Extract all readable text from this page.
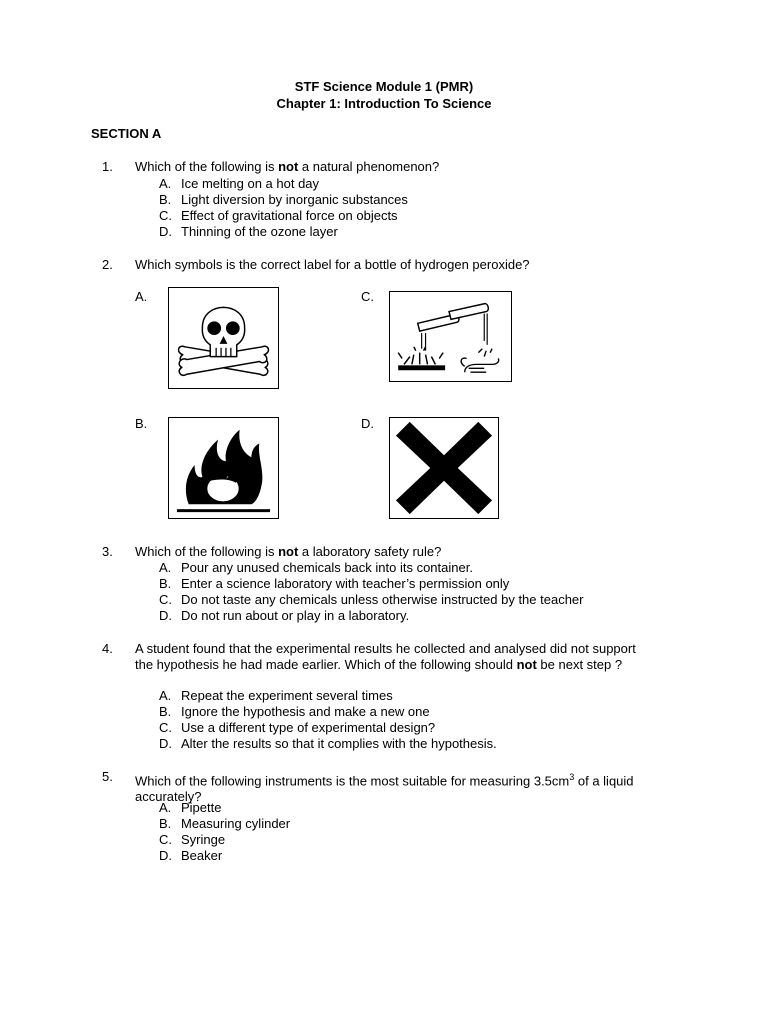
STF Science Module 1 (PMR)
Chapter 1: Introduction To Science
SECTION A
1. Which of the following is not a natural phenomenon?
A. Ice melting on a hot day
B. Light diversion by inorganic substances
C. Effect of gravitational force on objects
D. Thinning of the ozone layer
2. Which symbols is the correct label for a bottle of hydrogen peroxide?
A.	C.
B.	D.
3. Which of the following is not a laboratory safety rule?
A. Pour any unused chemicals back into its container.
B. Enter a science laboratory with teacher’s permission only
C. Do not taste any chemicals unless otherwise instructed by the teacher
D. Do not run about or play in a laboratory.
4. A student found that the experimental results he collected and analysed did not support
the hypothesis he had made earlier. Which of the following should not be next step ?
A. Repeat the experiment several times
B. Ignore the hypothesis and make a new one
C. Use a different type of experimental design?
D. Alter the results so that it complies with the hypothesis.
5. Which of the following instruments is the most suitable for measuring $3.5cm^3$ of a liquid
accurately?
A. Pipette
B. Measuring cylinder
C. Syringe
D. Beaker
